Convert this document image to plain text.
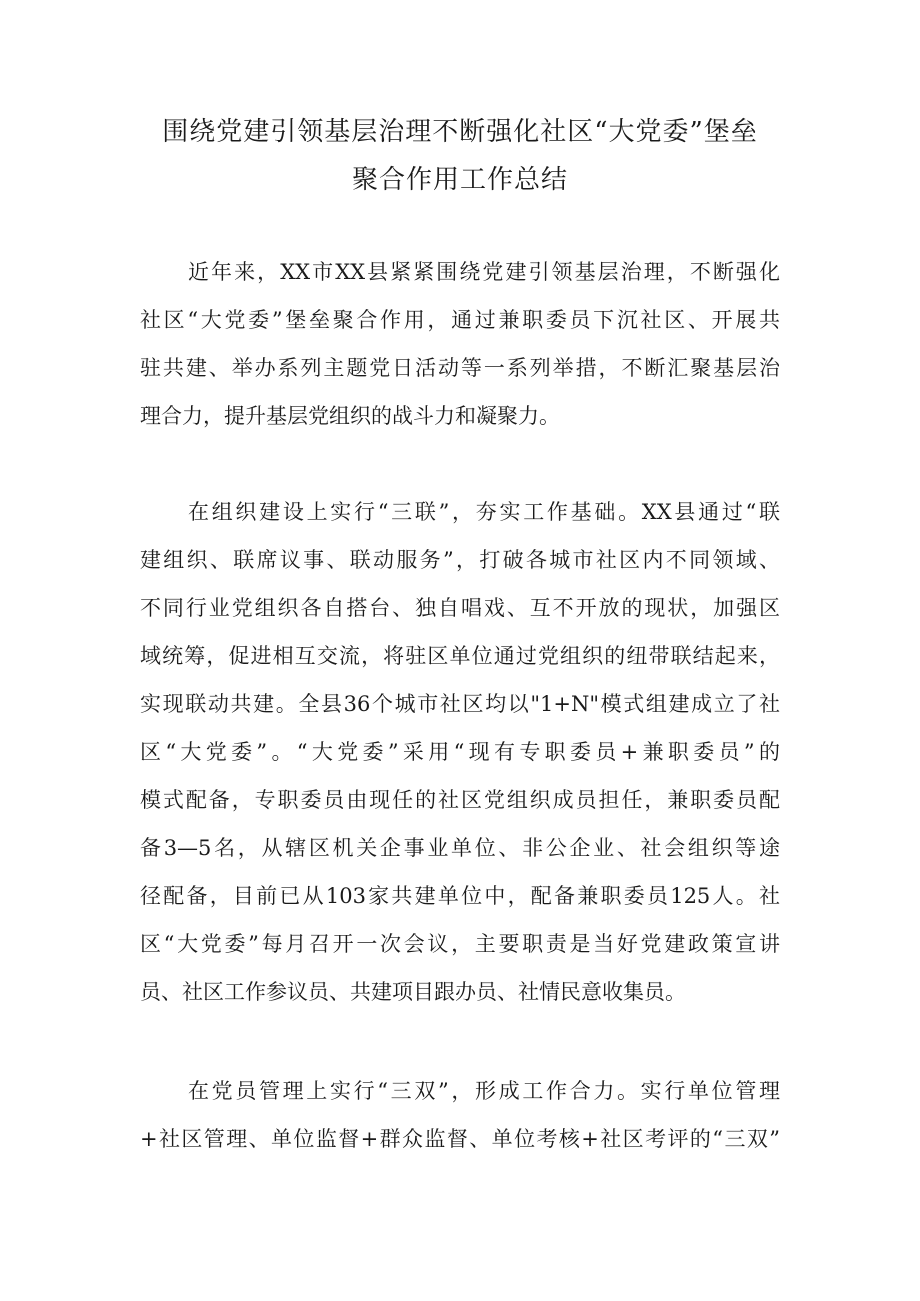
围绕党建引领基层治理不断强化社区“大党委”堡垒
聚合作用工作总结
近年来，XX市XX县紧紧围绕党建引领基层治理，不断强化
社区“大党委”堡垒聚合作用，通过兼职委员下沉社区、开展共
驻共建、举办系列主题党日活动等一系列举措，不断汇聚基层治
理合力，提升基层党组织的战斗力和凝聚力。
在组织建设上实行“三联”，夯实工作基础。XX县通过“联
建组织、联席议事、联动服务”，打破各城市社区内不同领域、
不同行业党组织各自搭台、独自唱戏、互不开放的现状，加强区
域统筹，促进相互交流，将驻区单位通过党组织的纽带联结起来，
实现联动共建。全县36个城市社区均以"1+N"模式组建成立了社
区“大党委”。“大党委”采用“现有专职委员+兼职委员”的
模式配备，专职委员由现任的社区党组织成员担任，兼职委员配
备3—5名，从辖区机关企事业单位、非公企业、社会组织等途
径配备，目前已从103家共建单位中，配备兼职委员125人。社
区“大党委”每月召开一次会议，主要职责是当好党建政策宣讲
员、社区工作参议员、共建项目跟办员、社情民意收集员。
在党员管理上实行“三双”，形成工作合力。实行单位管理
+社区管理、单位监督+群众监督、单位考核+社区考评的“三双”
